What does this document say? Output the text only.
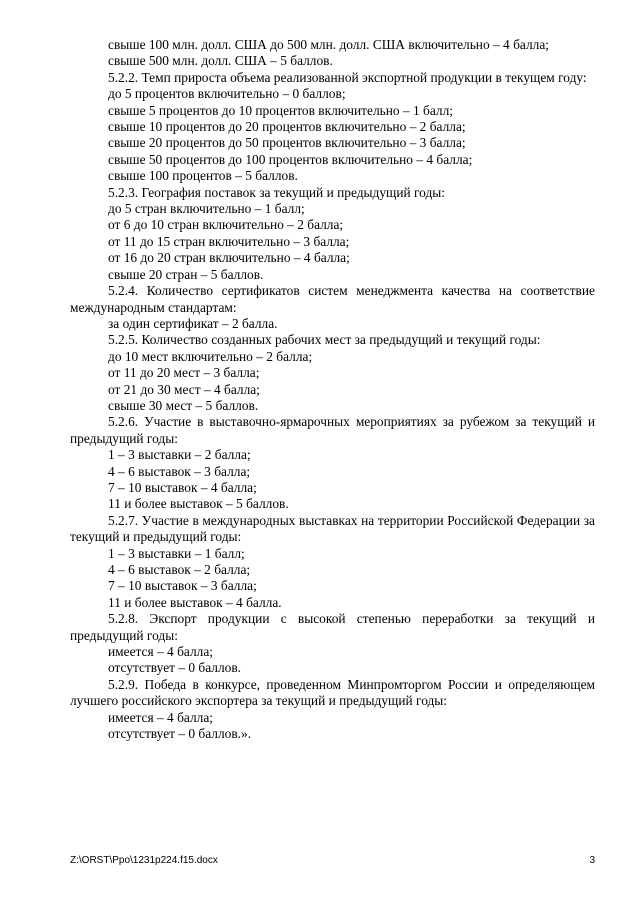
свыше 100 млн. долл. США до 500 млн. долл. США включительно – 4 балла;

свыше 500 млн. долл. США – 5 баллов.

5.2.2. Темп прироста объема реализованной экспортной продукции в текущем году:

до 5 процентов включительно – 0 баллов;

свыше 5 процентов до 10 процентов включительно – 1 балл;

свыше 10 процентов до 20 процентов включительно – 2 балла;

свыше 20 процентов до 50 процентов включительно – 3 балла;

свыше 50 процентов до 100 процентов включительно – 4 балла;

свыше 100 процентов – 5 баллов.

5.2.3. География поставок за текущий и предыдущий годы:

до 5 стран включительно – 1 балл;

от 6 до 10 стран включительно – 2 балла;

от 11 до 15 стран включительно – 3 балла;

от 16 до 20 стран включительно – 4 балла;

свыше 20 стран – 5 баллов.

5.2.4. Количество сертификатов систем менеджмента качества на соответствие международным стандартам:

за один сертификат – 2 балла.

5.2.5. Количество созданных рабочих мест за предыдущий и текущий годы:

до 10 мест включительно – 2 балла;

от 11 до 20 мест – 3 балла;

от 21 до 30 мест – 4 балла;

свыше 30 мест – 5 баллов.

5.2.6. Участие в выставочно-ярмарочных мероприятиях за рубежом за текущий и предыдущий годы:

1 – 3 выставки – 2 балла;

4 – 6 выставок – 3 балла;

7 – 10 выставок – 4 балла;

11 и более выставок – 5 баллов.

5.2.7. Участие в международных выставках на территории Российской Федерации за текущий и предыдущий годы:

1 – 3 выставки – 1 балл;

4 – 6 выставок – 2 балла;

7 – 10 выставок – 3 балла;

11 и более выставок – 4 балла.

5.2.8. Экспорт продукции с высокой степенью переработки за текущий и предыдущий годы:

имеется – 4 балла;

отсутствует – 0 баллов.

5.2.9. Победа в конкурсе, проведенном Минпромторгом России и определяющем лучшего российского экспортера за текущий и предыдущий годы:

имеется – 4 балла;

отсутствует – 0 баллов.».

Z:\ORST\Ppo\1231p224.f15.docx	3
